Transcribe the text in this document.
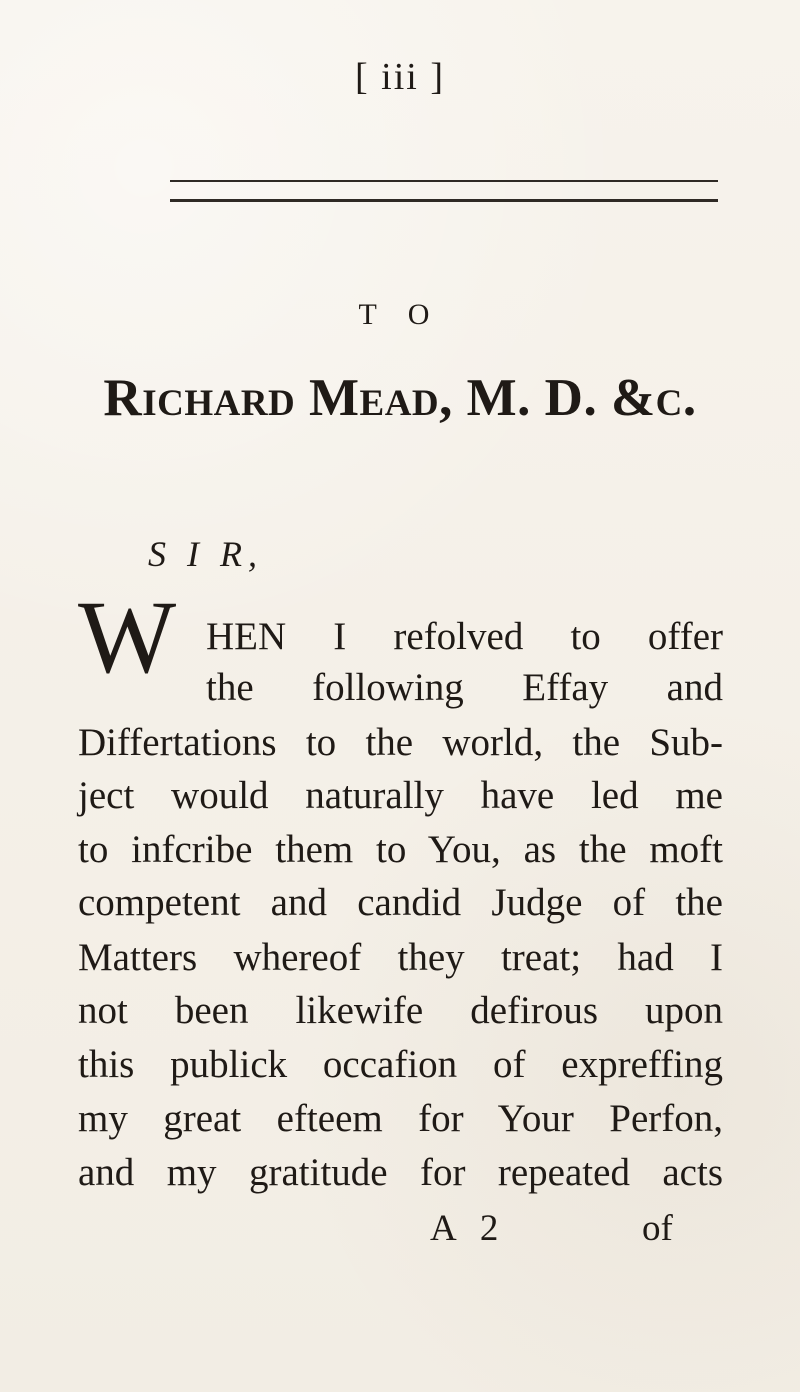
[ iii ]
T O
Richard Mead, M. D. &c.
S I R,
W HEN I refolved to offer
the following Effay and
Differtations to the world, the Sub-
ject would naturally have led me
to infcribe them to You, as the moft
competent and candid Judge of the
Matters whereof they treat; had I
not been likewife defirous upon
this publick occafion of expreffing
my great efteem for Your Perfon,
and my gratitude for repeated acts
A 2	of
